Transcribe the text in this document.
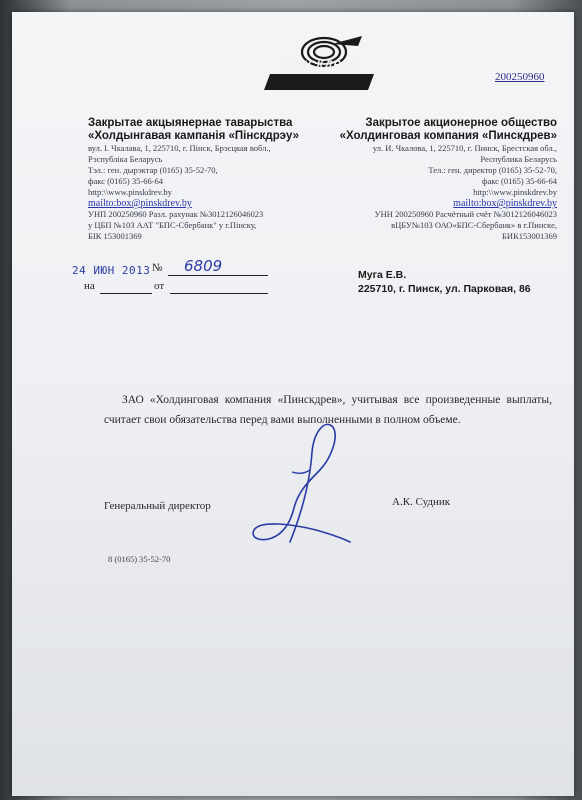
ПИНСКДРЕВ
200250960
Закрытае акцыянернае таварыства
«Холдынгавая кампанія «Пінскдрэу»
вул. І. Чкалава, 1, 225710, г. Пінск, Брэсцкая вобл.,
Рэспубліка Беларусь
Тэл.: ген. дырэктар (0165) 35-52-70,
факс (0165) 35-66-64
http:\\www.pinskdrev.by
mailto:box@pinskdrev.by
УНП 200250960 Разл. рахунак №3012126046023
у ЦБП №103 ААТ "БПС-Сбербанк" у г.Пінску,
БІК 153001369
Закрытое акционерное общество
«Холдинговая компания «Пинскдрев»
ул. И. Чкалова, 1, 225710, г. Пинск, Брестская обл.,
Республика Беларусь
Тел.: ген. директор (0165) 35-52-70,
факс (0165) 35-66-64
http:\\www.pinskdrev.by
mailto:box@pinskdrev.by
УНН 200250960 Расчётный счёт №3012126046023
вЦБУ№103 ОАО«БПС-Сбербанк» в г.Пинске,
БИК153001369
24 ИЮН 2013 № 6809
на	от
Муга Е.В.
225710, г. Пинск, ул. Парковая, 86
ЗАО «Холдинговая компания «Пинскдрев», учитывая все произведенные выплаты, считает свои обязательства перед вами выполненными в полном объеме.
Генеральный директор	А.К. Судник
8 (0165) 35-52-70
